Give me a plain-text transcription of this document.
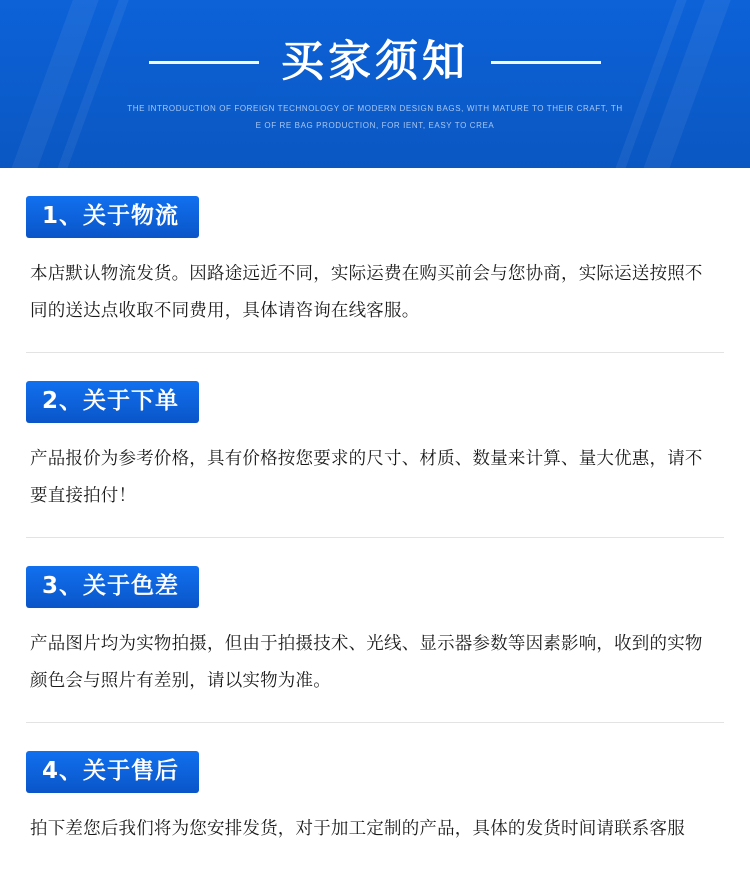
买家须知
THE INTRODUCTION OF FOREIGN TECHNOLOGY OF MODERN DESIGN BAGS, WITH MATURE TO THEIR CRAFT, TH
E OF RE BAG PRODUCTION, FOR IENT, EASY TO CREA
1、关于物流
本店默认物流发货。因路途远近不同，实际运费在购买前会与您协商，实际运送按照不同的送达点收取不同费用，具体请咨询在线客服。
2、关于下单
产品报价为参考价格，具有价格按您要求的尺寸、材质、数量来计算、量大优惠，请不要直接拍付！
3、关于色差
产品图片均为实物拍摄，但由于拍摄技术、光线、显示器参数等因素影响，收到的实物颜色会与照片有差别，请以实物为准。
4、关于售后
拍下差您后我们将为您安排发货，对于加工定制的产品，具体的发货时间请联系客服
